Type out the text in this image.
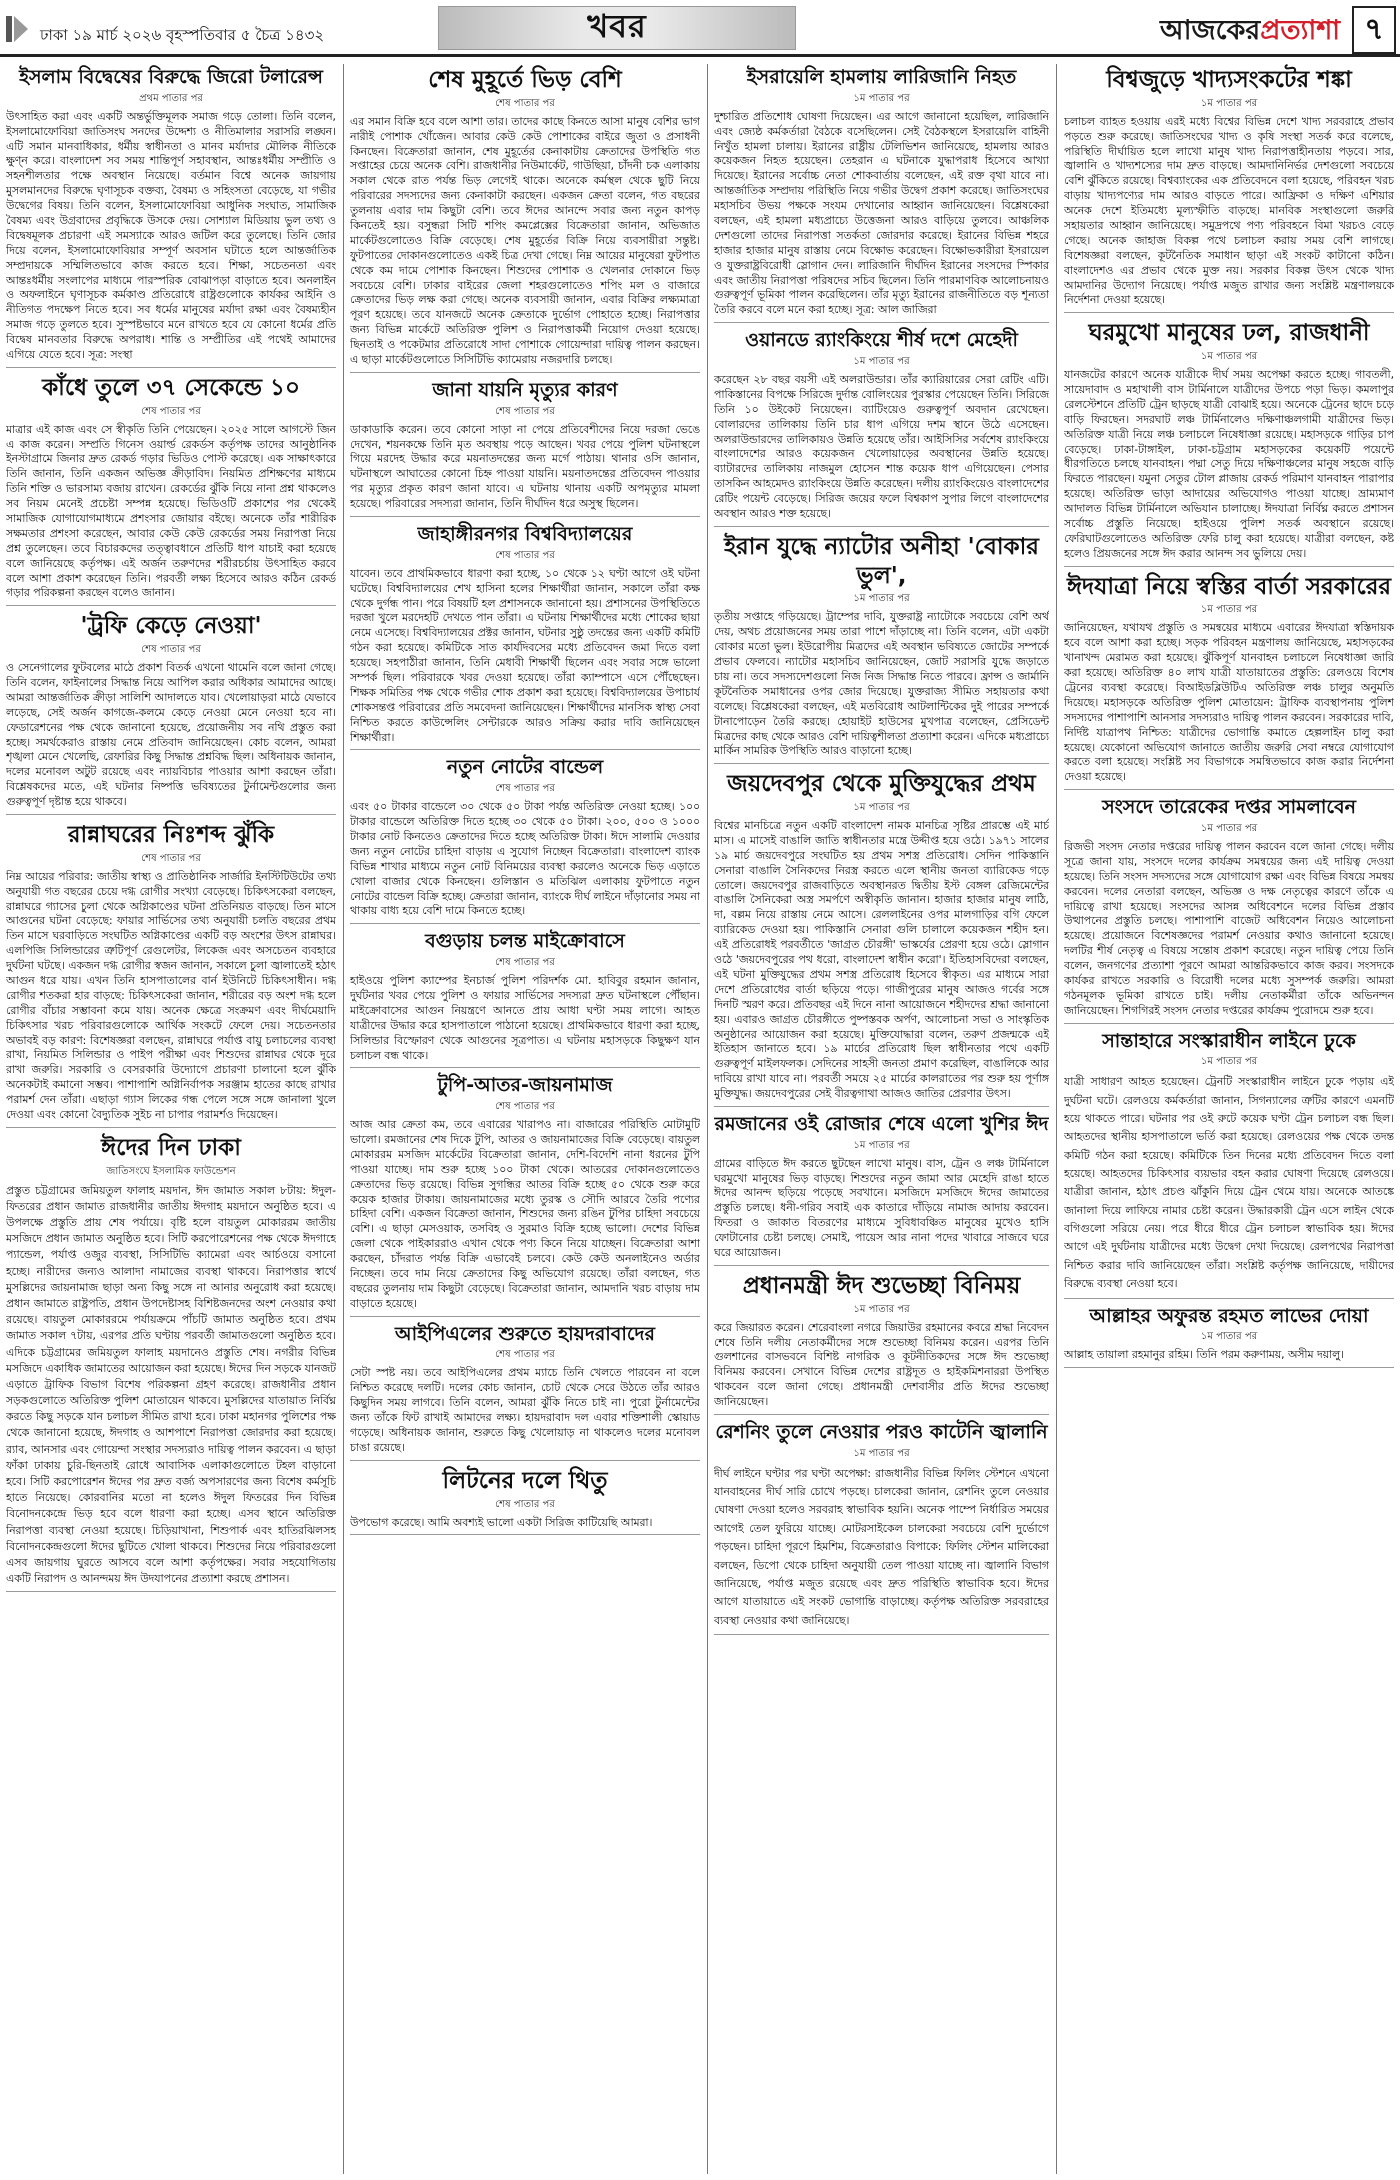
ঢাকা ১৯ মার্চ ২০২৬ বৃহস্পতিবার ৫ চৈত্র ১৪৩২	খবর	আজকেরপ্রত্যাশা ৭
ইসলাম বিদ্বেষের বিরুদ্ধে জিরো টলারেন্স
প্রথম পাতার পর

উৎসাহিত করা এবং একটি অন্তর্ভুক্তিমূলক সমাজ গড়ে তোলা। তিনি বলেন, ইসলামোফোবিয়া জাতিসংঘ সনদের উদ্দেশ্য ও নীতিমালার সরাসরি লঙ্ঘন। এটি সমান মানবাধিকার, ধর্মীয় স্বাধীনতা ও মানব মর্যাদার মৌলিক নীতিকে ক্ষুণ্ন করে। বাংলাদেশ সব সময় শান্তিপূর্ণ সহাবস্থান, আন্তঃধর্মীয় সম্প্রীতি ও সহনশীলতার পক্ষে অবস্থান নিয়েছে। বর্তমান বিশ্বে অনেক জায়গায় মুসলমানদের বিরুদ্ধে ঘৃণাসূচক বক্তব্য, বৈষম্য ও সহিংসতা বেড়েছে, যা গভীর উদ্বেগের বিষয়। তিনি বলেন, ইসলামোফোবিয়া আধুনিক সংঘাত, সামাজিক বৈষম্য এবং উগ্রবাদের প্রবৃদ্ধিকে উসকে দেয়। সোশ্যাল মিডিয়ায় ভুল তথ্য ও বিদ্বেষমূলক প্রচারণা এই সমস্যাকে আরও জটিল করে তুলেছে। তিনি জোর দিয়ে বলেন, ইসলামোফোবিয়ার সম্পূর্ণ অবসান ঘটাতে হলে আন্তর্জাতিক সম্প্রদায়কে সম্মিলিতভাবে কাজ করতে হবে। শিক্ষা, সচেতনতা এবং আন্তঃধর্মীয় সংলাপের মাধ্যমে পারস্পরিক বোঝাপড়া বাড়াতে হবে। অনলাইন ও অফলাইনে ঘৃণাসূচক কর্মকাণ্ড প্রতিরোধে রাষ্ট্রগুলোকে কার্যকর আইনি ও নীতিগত পদক্ষেপ নিতে হবে। সব ধর্মের মানুষের মর্যাদা রক্ষা এবং বৈষম্যহীন সমাজ গড়ে তুলতে হবে। সুস্পষ্টভাবে মনে রাখতে হবে যে কোনো ধর্মের প্রতি বিদ্বেষ মানবতার বিরুদ্ধে অপরাধ। শান্তি ও সম্প্রীতির এই পথেই আমাদের এগিয়ে যেতে হবে। সূত্র: সংস্থা

কাঁধে তুলে ৩৭ সেকেন্ডে ১০
শেষ পাতার পর

মাত্রার এই কাজ এবং সে স্বীকৃতি তিনি পেয়েছেন। ২০২৫ সালে আগস্টে জিন এ কাজ করেন। সম্প্রতি গিনেস ওয়ার্ল্ড রেকর্ডস কর্তৃপক্ষ তাদের আনুষ্ঠানিক ইনস্টাগ্রামে জিনার দ্রুত রেকর্ড গড়ার ভিডিও পোস্ট করেছে। এক সাক্ষাৎকারে তিনি জানান, তিনি একজন অভিজ্ঞ ক্রীড়াবিদ। নিয়মিত প্রশিক্ষণের মাধ্যমে তিনি শক্তি ও ভারসাম্য বজায় রাখেন। রেকর্ডের ঝুঁকি নিয়ে নানা প্রশ্ন থাকলেও সব নিয়ম মেনেই প্রচেষ্টা সম্পন্ন হয়েছে। ভিডিওটি প্রকাশের পর থেকেই সামাজিক যোগাযোগমাধ্যমে প্রশংসার জোয়ার বইছে। অনেকে তাঁর শারীরিক সক্ষমতার প্রশংসা করেছেন, আবার কেউ কেউ রেকর্ডের সময় নিরাপত্তা নিয়ে প্রশ্ন তুলেছেন। তবে বিচারকদের তত্ত্বাবধানে প্রতিটি ধাপ যাচাই করা হয়েছে বলে জানিয়েছে কর্তৃপক্ষ। এই অর্জন তরুণদের শরীরচর্চায় উৎসাহিত করবে বলে আশা প্রকাশ করেছেন তিনি। পরবর্তী লক্ষ্য হিসেবে আরও কঠিন রেকর্ড গড়ার পরিকল্পনা করছেন বলেও জানান।

'ট্রফি কেড়ে নেওয়া'
শেষ পাতার পর

ও সেনেগালের ফুটবলের মাঠে প্রকাশ বিতর্ক এখনো থামেনি বলে জানা গেছে। তিনি বলেন, ফাইনালের সিদ্ধান্ত নিয়ে আপিল করার অধিকার আমাদের আছে। আমরা আন্তর্জাতিক ক্রীড়া সালিশি আদালতে যাব। খেলোয়াড়রা মাঠে যেভাবে লড়েছে, সেই অর্জন কাগজে-কলমে কেড়ে নেওয়া মেনে নেওয়া হবে না। ফেডারেশনের পক্ষ থেকে জানানো হয়েছে, প্রয়োজনীয় সব নথি প্রস্তুত করা হচ্ছে। সমর্থকেরাও রাস্তায় নেমে প্রতিবাদ জানিয়েছেন। কোচ বলেন, আমরা শৃঙ্খলা মেনে খেলেছি, রেফারির কিছু সিদ্ধান্ত প্রশ্নবিদ্ধ ছিল। অধিনায়ক জানান, দলের মনোবল অটুট রয়েছে এবং ন্যায়বিচার পাওয়ার আশা করছেন তাঁরা। বিশ্লেষকদের মতে, এই ঘটনার নিষ্পত্তি ভবিষ্যতের টুর্নামেন্টগুলোর জন্য গুরুত্বপূর্ণ দৃষ্টান্ত হয়ে থাকবে।

রান্নাঘরের নিঃশব্দ ঝুঁকি
শেষ পাতার পর

নিম্ন আয়ের পরিবার: জাতীয় স্বাস্থ্য ও প্রাতিষ্ঠানিক সার্জারি ইনস্টিটিউটের তথ্য অনুযায়ী গত বছরের চেয়ে দগ্ধ রোগীর সংখ্যা বেড়েছে। চিকিৎসকেরা বলছেন, রান্নাঘরে গ্যাসের চুলা থেকে অগ্নিকাণ্ডের ঘটনা প্রতিনিয়ত বাড়ছে। তিন মাসে আগুনের ঘটনা বেড়েছে: ফায়ার সার্ভিসের তথ্য অনুযায়ী চলতি বছরের প্রথম তিন মাসে ঘরবাড়িতে সংঘটিত অগ্নিকাণ্ডের একটি বড় অংশের উৎস রান্নাঘর। এলপিজি সিলিন্ডারের ত্রুটিপূর্ণ রেগুলেটর, লিকেজ এবং অসচেতন ব্যবহারে দুর্ঘটনা ঘটছে। একজন দগ্ধ রোগীর স্বজন জানান, সকালে চুলা জ্বালাতেই হঠাৎ আগুন ধরে যায়। এখন তিনি হাসপাতালের বার্ন ইউনিটে চিকিৎসাধীন। দগ্ধ রোগীর শতকরা হার বাড়ছে: চিকিৎসকেরা জানান, শরীরের বড় অংশ দগ্ধ হলে রোগীর বাঁচার সম্ভাবনা কমে যায়। অনেক ক্ষেত্রে সংক্রমণ এবং দীর্ঘমেয়াদি চিকিৎসার খরচ পরিবারগুলোকে আর্থিক সংকটে ফেলে দেয়। সচেতনতার অভাবই বড় কারণ: বিশেষজ্ঞরা বলছেন, রান্নাঘরে পর্যাপ্ত বায়ু চলাচলের ব্যবস্থা রাখা, নিয়মিত সিলিন্ডার ও পাইপ পরীক্ষা এবং শিশুদের রান্নাঘর থেকে দূরে রাখা জরুরি। সরকারি ও বেসরকারি উদ্যোগে প্রচারণা চালানো হলে ঝুঁকি অনেকটাই কমানো সম্ভব। পাশাপাশি অগ্নিনির্বাপক সরঞ্জাম হাতের কাছে রাখার পরামর্শ দেন তাঁরা। এছাড়া গ্যাস লিকের গন্ধ পেলে সঙ্গে সঙ্গে জানালা খুলে দেওয়া এবং কোনো বৈদ্যুতিক সুইচ না চাপার পরামর্শও দিয়েছেন।

ঈদের দিন ঢাকা
জাতিসংঘে ইসলামিক ফাউন্ডেশন

প্রস্তুত চট্টগ্রামের জমিয়তুল ফালাহ ময়দান, ঈদ জামাত সকাল ৮টায়: ঈদুল-ফিতরের প্রধান জামাত রাজধানীর জাতীয় ঈদগাহ ময়দানে অনুষ্ঠিত হবে। এ উপলক্ষে প্রস্তুতি প্রায় শেষ পর্যায়ে। বৃষ্টি হলে বায়তুল মোকাররম জাতীয় মসজিদে প্রধান জামাত অনুষ্ঠিত হবে। সিটি করপোরেশনের পক্ষ থেকে ঈদগাহে প্যান্ডেল, পর্যাপ্ত ওজুর ব্যবস্থা, সিসিটিভি ক্যামেরা এবং আর্চওয়ে বসানো হচ্ছে। নারীদের জন্যও আলাদা নামাজের ব্যবস্থা থাকবে। নিরাপত্তার স্বার্থে মুসল্লিদের জায়নামাজ ছাড়া অন্য কিছু সঙ্গে না আনার অনুরোধ করা হয়েছে। প্রধান জামাতে রাষ্ট্রপতি, প্রধান উপদেষ্টাসহ বিশিষ্টজনদের অংশ নেওয়ার কথা রয়েছে। বায়তুল মোকাররমে পর্যায়ক্রমে পাঁচটি জামাত অনুষ্ঠিত হবে। প্রথম জামাত সকাল ৭টায়, এরপর প্রতি ঘণ্টায় পরবর্তী জামাতগুলো অনুষ্ঠিত হবে। এদিকে চট্টগ্রামের জমিয়তুল ফালাহ ময়দানেও প্রস্তুতি শেষ। নগরীর বিভিন্ন মসজিদে একাধিক জামাতের আয়োজন করা হয়েছে। ঈদের দিন সড়কে যানজট এড়াতে ট্রাফিক বিভাগ বিশেষ পরিকল্পনা গ্রহণ করেছে। রাজধানীর প্রধান সড়কগুলোতে অতিরিক্ত পুলিশ মোতায়েন থাকবে। মুসল্লিদের যাতায়াত নির্বিঘ্ন করতে কিছু সড়কে যান চলাচল সীমিত রাখা হবে। ঢাকা মহানগর পুলিশের পক্ষ থেকে জানানো হয়েছে, ঈদগাহ ও আশপাশে নিরাপত্তা জোরদার করা হয়েছে। র‍্যাব, আনসার এবং গোয়েন্দা সংস্থার সদস্যরাও দায়িত্ব পালন করবেন। এ ছাড়া ফাঁকা ঢাকায় চুরি-ছিনতাই রোধে আবাসিক এলাকাগুলোতে টহল বাড়ানো হবে। সিটি করপোরেশন ঈদের পর দ্রুত বর্জ্য অপসারণের জন্য বিশেষ কর্মসূচি হাতে নিয়েছে। কোরবানির মতো না হলেও ঈদুল ফিতরের দিন বিভিন্ন বিনোদনকেন্দ্রে ভিড় হবে বলে ধারণা করা হচ্ছে। এসব স্থানে অতিরিক্ত নিরাপত্তা ব্যবস্থা নেওয়া হয়েছে। চিড়িয়াখানা, শিশুপার্ক এবং হাতিরঝিলসহ বিনোদনকেন্দ্রগুলো ঈদের ছুটিতে খোলা থাকবে। শিশুদের নিয়ে পরিবারগুলো এসব জায়গায় ঘুরতে আসবে বলে আশা কর্তৃপক্ষের। সবার সহযোগিতায় একটি নিরাপদ ও আনন্দময় ঈদ উদযাপনের প্রত্যাশা করছে প্রশাসন।

শেষ মুহূর্তে ভিড় বেশি
শেষ পাতার পর

এর সমান বিক্রি হবে বলে আশা তার। তাদের কাছে কিনতে আসা মানুষ বেশির ভাগ নারীই পোশাক খোঁজেন। আবার কেউ কেউ পোশাকের বাইরে জুতা ও প্রসাধনী কিনছেন। বিক্রেতারা জানান, শেষ মুহূর্তের কেনাকাটায় ক্রেতাদের উপস্থিতি গত সপ্তাহের চেয়ে অনেক বেশি। রাজধানীর নিউমার্কেট, গাউছিয়া, চাঁদনী চক এলাকায় সকাল থেকে রাত পর্যন্ত ভিড় লেগেই থাকে। অনেকে কর্মস্থল থেকে ছুটি নিয়ে পরিবারের সদস্যদের জন্য কেনাকাটা করছেন। একজন ক্রেতা বলেন, গত বছরের তুলনায় এবার দাম কিছুটা বেশি। তবে ঈদের আনন্দে সবার জন্য নতুন কাপড় কিনতেই হয়। বসুন্ধরা সিটি শপিং কমপ্লেক্সের বিক্রেতারা জানান, অভিজাত মার্কেটগুলোতেও বিক্রি বেড়েছে। শেষ মুহূর্তের বিক্রি নিয়ে ব্যবসায়ীরা সন্তুষ্ট। ফুটপাতের দোকানগুলোতেও একই চিত্র দেখা গেছে। নিম্ন আয়ের মানুষেরা ফুটপাত থেকে কম দামে পোশাক কিনছেন। শিশুদের পোশাক ও খেলনার দোকানে ভিড় সবচেয়ে বেশি। ঢাকার বাইরের জেলা শহরগুলোতেও শপিং মল ও বাজারে ক্রেতাদের ভিড় লক্ষ করা গেছে। অনেক ব্যবসায়ী জানান, এবার বিক্রির লক্ষ্যমাত্রা পূরণ হয়েছে। তবে যানজটে অনেক ক্রেতাকে দুর্ভোগ পোহাতে হচ্ছে। নিরাপত্তার জন্য বিভিন্ন মার্কেটে অতিরিক্ত পুলিশ ও নিরাপত্তাকর্মী নিয়োগ দেওয়া হয়েছে। ছিনতাই ও পকেটমার প্রতিরোধে সাদা পোশাকে গোয়েন্দারা দায়িত্ব পালন করছেন। এ ছাড়া মার্কেটগুলোতে সিসিটিভি ক্যামেরায় নজরদারি চলছে।

জানা যায়নি মৃত্যুর কারণ
শেষ পাতার পর

ডাকাডাকি করেন। তবে কোনো সাড়া না পেয়ে প্রতিবেশীদের নিয়ে দরজা ভেঙে দেখেন, শয়নকক্ষে তিনি মৃত অবস্থায় পড়ে আছেন। খবর পেয়ে পুলিশ ঘটনাস্থলে গিয়ে মরদেহ উদ্ধার করে ময়নাতদন্তের জন্য মর্গে পাঠায়। থানার ওসি জানান, ঘটনাস্থলে আঘাতের কোনো চিহ্ন পাওয়া যায়নি। ময়নাতদন্তের প্রতিবেদন পাওয়ার পর মৃত্যুর প্রকৃত কারণ জানা যাবে। এ ঘটনায় থানায় একটি অপমৃত্যুর মামলা হয়েছে। পরিবারের সদস্যরা জানান, তিনি দীর্ঘদিন ধরে অসুস্থ ছিলেন।

জাহাঙ্গীরনগর বিশ্ববিদ্যালয়ের
শেষ পাতার পর

যাবেন। তবে প্রাথমিকভাবে ধারণা করা হচ্ছে, ১০ থেকে ১২ ঘণ্টা আগে ওই ঘটনা ঘটেছে। বিশ্ববিদ্যালয়ের শেখ হাসিনা হলের শিক্ষার্থীরা জানান, সকালে তাঁরা কক্ষ থেকে দুর্গন্ধ পান। পরে বিষয়টি হল প্রশাসনকে জানানো হয়। প্রশাসনের উপস্থিতিতে দরজা খুলে মরদেহটি দেখতে পান তাঁরা। এ ঘটনায় শিক্ষার্থীদের মধ্যে শোকের ছায়া নেমে এসেছে। বিশ্ববিদ্যালয়ের প্রক্টর জানান, ঘটনার সুষ্ঠু তদন্তের জন্য একটি কমিটি গঠন করা হয়েছে। কমিটিকে সাত কার্যদিবসের মধ্যে প্রতিবেদন জমা দিতে বলা হয়েছে। সহপাঠীরা জানান, তিনি মেধাবী শিক্ষার্থী ছিলেন এবং সবার সঙ্গে ভালো সম্পর্ক ছিল। পরিবারকে খবর দেওয়া হয়েছে। তাঁরা ক্যাম্পাসে এসে পৌঁছেছেন। শিক্ষক সমিতির পক্ষ থেকে গভীর শোক প্রকাশ করা হয়েছে। বিশ্ববিদ্যালয়ের উপাচার্য শোকসন্তপ্ত পরিবারের প্রতি সমবেদনা জানিয়েছেন। শিক্ষার্থীদের মানসিক স্বাস্থ্য সেবা নিশ্চিত করতে কাউন্সেলিং সেন্টারকে আরও সক্রিয় করার দাবি জানিয়েছেন শিক্ষার্থীরা।

নতুন নোটের বান্ডেল
শেষ পাতার পর

এবং ৫০ টাকার বান্ডেলে ৩০ থেকে ৫০ টাকা পর্যন্ত অতিরিক্ত নেওয়া হচ্ছে। ১০০ টাকার বান্ডেলে অতিরিক্ত দিতে হচ্ছে ৩০ থেকে ৫০ টাকা। ২০০, ৫০০ ও ১০০০ টাকার নোট কিনতেও ক্রেতাদের দিতে হচ্ছে অতিরিক্ত টাকা। ঈদে সালামি দেওয়ার জন্য নতুন নোটের চাহিদা বাড়ায় এ সুযোগ নিচ্ছেন বিক্রেতারা। বাংলাদেশ ব্যাংক বিভিন্ন শাখার মাধ্যমে নতুন নোট বিনিময়ের ব্যবস্থা করলেও অনেকে ভিড় এড়াতে খোলা বাজার থেকে কিনছেন। গুলিস্তান ও মতিঝিল এলাকায় ফুটপাতে নতুন নোটের বান্ডেল বিক্রি হচ্ছে। ক্রেতারা জানান, ব্যাংকে দীর্ঘ লাইনে দাঁড়ানোর সময় না থাকায় বাধ্য হয়ে বেশি দামে কিনতে হচ্ছে।

বগুড়ায় চলন্ত মাইক্রোবাসে
শেষ পাতার পর

হাইওয়ে পুলিশ ক্যাম্পের ইনচার্জ পুলিশ পরিদর্শক মো. হাবিবুর রহমান জানান, দুর্ঘটনার খবর পেয়ে পুলিশ ও ফায়ার সার্ভিসের সদস্যরা দ্রুত ঘটনাস্থলে পৌঁছান। মাইক্রোবাসের আগুন নিয়ন্ত্রণে আনতে প্রায় আধা ঘণ্টা সময় লাগে। আহত যাত্রীদের উদ্ধার করে হাসপাতালে পাঠানো হয়েছে। প্রাথমিকভাবে ধারণা করা হচ্ছে, সিলিন্ডার বিস্ফোরণ থেকে আগুনের সূত্রপাত। এ ঘটনায় মহাসড়কে কিছুক্ষণ যান চলাচল বন্ধ থাকে।

টুপি-আতর-জায়নামাজ
শেষ পাতার পর

আজ আর ক্রেতা কম, তবে এবারের খারাপও না। বাজারের পরিস্থিতি মোটামুটি ভালো। রমজানের শেষ দিকে টুপি, আতর ও জায়নামাজের বিক্রি বেড়েছে। বায়তুল মোকাররম মসজিদ মার্কেটের বিক্রেতারা জানান, দেশি-বিদেশি নানা ধরনের টুপি পাওয়া যাচ্ছে। দাম শুরু হচ্ছে ১০০ টাকা থেকে। আতরের দোকানগুলোতেও ক্রেতাদের ভিড় রয়েছে। বিভিন্ন সুগন্ধির আতর বিক্রি হচ্ছে ৫০ থেকে শুরু করে কয়েক হাজার টাকায়। জায়নামাজের মধ্যে তুরস্ক ও সৌদি আরবে তৈরি পণ্যের চাহিদা বেশি। একজন বিক্রেতা জানান, শিশুদের জন্য রঙিন টুপির চাহিদা সবচেয়ে বেশি। এ ছাড়া মেসওয়াক, তসবিহ ও সুরমাও বিক্রি হচ্ছে ভালো। দেশের বিভিন্ন জেলা থেকে পাইকাররাও এখান থেকে পণ্য কিনে নিয়ে যাচ্ছেন। বিক্রেতারা আশা করছেন, চাঁদরাত পর্যন্ত বিক্রি এভাবেই চলবে। কেউ কেউ অনলাইনেও অর্ডার নিচ্ছেন। তবে দাম নিয়ে ক্রেতাদের কিছু অভিযোগ রয়েছে। তাঁরা বলছেন, গত বছরের তুলনায় দাম কিছুটা বেড়েছে। বিক্রেতারা জানান, আমদানি খরচ বাড়ায় দাম বাড়াতে হয়েছে।

আইপিএলের শুরুতে হায়দরাবাদের
শেষ পাতার পর

সেটা স্পষ্ট নয়। তবে আইপিএলের প্রথম ম্যাচে তিনি খেলতে পারবেন না বলে নিশ্চিত করেছে দলটি। দলের কোচ জানান, চোট থেকে সেরে উঠতে তাঁর আরও কিছুদিন সময় লাগবে। তিনি বলেন, আমরা ঝুঁকি নিতে চাই না। পুরো টুর্নামেন্টের জন্য তাঁকে ফিট রাখাই আমাদের লক্ষ্য। হায়দরাবাদ দল এবার শক্তিশালী স্কোয়াড গড়েছে। অধিনায়ক জানান, শুরুতে কিছু খেলোয়াড় না থাকলেও দলের মনোবল চাঙা রয়েছে।

লিটনের দলে থিতু
শেষ পাতার পর

উপভোগ করেছে। আমি অবশ্যই ভালো একটা সিরিজ কাটিয়েছি আমরা।

ইসরায়েলি হামলায় লারিজানি নিহত
১ম পাতার পর

দুশ্চারিত প্রতিশোধ ঘোষণা দিয়েছেন। এর আগে জানানো হয়েছিল, লারিজানি এবং জ্যেষ্ঠ কর্মকর্তারা বৈঠকে বসেছিলেন। সেই বৈঠকস্থলে ইসরায়েলি বাহিনী নিখুঁত হামলা চালায়। ইরানের রাষ্ট্রীয় টেলিভিশন জানিয়েছে, হামলায় আরও কয়েকজন নিহত হয়েছেন। তেহরান এ ঘটনাকে যুদ্ধাপরাধ হিসেবে আখ্যা দিয়েছে। ইরানের সর্বোচ্চ নেতা শোকবার্তায় বলেছেন, এই রক্ত বৃথা যাবে না। আন্তর্জাতিক সম্প্রদায় পরিস্থিতি নিয়ে গভীর উদ্বেগ প্রকাশ করেছে। জাতিসংঘের মহাসচিব উভয় পক্ষকে সংযম দেখানোর আহ্বান জানিয়েছেন। বিশ্লেষকেরা বলছেন, এই হামলা মধ্যপ্রাচ্যে উত্তেজনা আরও বাড়িয়ে তুলবে। আঞ্চলিক দেশগুলো তাদের নিরাপত্তা সতর্কতা জোরদার করেছে। ইরানের বিভিন্ন শহরে হাজার হাজার মানুষ রাস্তায় নেমে বিক্ষোভ করেছেন। বিক্ষোভকারীরা ইসরায়েল ও যুক্তরাষ্ট্রবিরোধী স্লোগান দেন। লারিজানি দীর্ঘদিন ইরানের সংসদের স্পিকার এবং জাতীয় নিরাপত্তা পরিষদের সচিব ছিলেন। তিনি পারমাণবিক আলোচনায়ও গুরুত্বপূর্ণ ভূমিকা পালন করেছিলেন। তাঁর মৃত্যু ইরানের রাজনীতিতে বড় শূন্যতা তৈরি করবে বলে মনে করা হচ্ছে। সূত্র: আল জাজিরা

ওয়ানডে র‍্যাংকিংয়ে শীর্ষ দশে মেহেদী
১ম পাতার পর

করেছেন ২৮ বছর বয়সী এই অলরাউন্ডার। তাঁর ক্যারিয়ারের সেরা রেটিং এটি। পাকিস্তানের বিপক্ষে সিরিজে দুর্দান্ত বোলিংয়ের পুরস্কার পেয়েছেন তিনি। সিরিজে তিনি ১০ উইকেট নিয়েছেন। ব্যাটিংয়েও গুরুত্বপূর্ণ অবদান রেখেছেন। বোলারদের তালিকায় তিনি চার ধাপ এগিয়ে দশম স্থানে উঠে এসেছেন। অলরাউন্ডারদের তালিকায়ও উন্নতি হয়েছে তাঁর। আইসিসির সর্বশেষ র‍্যাংকিংয়ে বাংলাদেশের আরও কয়েকজন খেলোয়াড়ের অবস্থানের উন্নতি হয়েছে। ব্যাটারদের তালিকায় নাজমুল হোসেন শান্ত কয়েক ধাপ এগিয়েছেন। পেসার তাসকিন আহমেদও র‍্যাংকিংয়ে উন্নতি করেছেন। দলীয় র‍্যাংকিংয়েও বাংলাদেশের রেটিং পয়েন্ট বেড়েছে। সিরিজ জয়ের ফলে বিশ্বকাপ সুপার লিগে বাংলাদেশের অবস্থান আরও শক্ত হয়েছে।

ইরান যুদ্ধে ন্যাটোর অনীহা 'বোকার ভুল',
১ম পাতার পর

তৃতীয় সপ্তাহে গড়িয়েছে। ট্রাম্পের দাবি, যুক্তরাষ্ট্র ন্যাটোকে সবচেয়ে বেশি অর্থ দেয়, অথচ প্রয়োজনের সময় তারা পাশে দাঁড়াচ্ছে না। তিনি বলেন, এটা একটা বোকার মতো ভুল। ইউরোপীয় মিত্রদের এই অবস্থান ভবিষ্যতে জোটের সম্পর্কে প্রভাব ফেলবে। ন্যাটোর মহাসচিব জানিয়েছেন, জোট সরাসরি যুদ্ধে জড়াতে চায় না। তবে সদস্যদেশগুলো নিজ নিজ সিদ্ধান্ত নিতে পারবে। ফ্রান্স ও জার্মানি কূটনৈতিক সমাধানের ওপর জোর দিয়েছে। যুক্তরাজ্য সীমিত সহায়তার কথা বলেছে। বিশ্লেষকেরা বলছেন, এই মতবিরোধ আটলান্টিকের দুই পারের সম্পর্কে টানাপোড়েন তৈরি করছে। হোয়াইট হাউসের মুখপাত্র বলেছেন, প্রেসিডেন্ট মিত্রদের কাছ থেকে আরও বেশি দায়িত্বশীলতা প্রত্যাশা করেন। এদিকে মধ্যপ্রাচ্যে মার্কিন সামরিক উপস্থিতি আরও বাড়ানো হচ্ছে।

জয়দেবপুর থেকে মুক্তিযুদ্ধের প্রথম
১ম পাতার পর

বিশ্বের মানচিত্রে নতুন একটি বাংলাদেশ নামক মানচিত্র সৃষ্টির প্রারম্ভে এই মার্চ মাস। এ মাসেই বাঙালি জাতি স্বাধীনতার মন্ত্রে উদ্দীপ্ত হয়ে ওঠে। ১৯৭১ সালের ১৯ মার্চ জয়দেবপুরে সংঘটিত হয় প্রথম সশস্ত্র প্রতিরোধ। সেদিন পাকিস্তানি সেনারা বাঙালি সৈনিকদের নিরস্ত্র করতে এলে স্থানীয় জনতা ব্যারিকেড গড়ে তোলে। জয়দেবপুর রাজবাড়িতে অবস্থানরত দ্বিতীয় ইস্ট বেঙ্গল রেজিমেন্টের বাঙালি সৈনিকেরা অস্ত্র সমর্পণে অস্বীকৃতি জানান। হাজার হাজার মানুষ লাঠি, দা, বল্লম নিয়ে রাস্তায় নেমে আসে। রেললাইনের ওপর মালগাড়ির বগি ফেলে ব্যারিকেড দেওয়া হয়। পাকিস্তানি সেনারা গুলি চালালে কয়েকজন শহীদ হন। এই প্রতিরোধই পরবর্তীতে 'জাগ্রত চৌরঙ্গী' ভাস্কর্যের প্রেরণা হয়ে ওঠে। স্লোগান ওঠে 'জয়দেবপুরের পথ ধরো, বাংলাদেশ স্বাধীন করো'। ইতিহাসবিদেরা বলছেন, এই ঘটনা মুক্তিযুদ্ধের প্রথম সশস্ত্র প্রতিরোধ হিসেবে স্বীকৃত। এর মাধ্যমে সারা দেশে প্রতিরোধের বার্তা ছড়িয়ে পড়ে। গাজীপুরের মানুষ আজও গর্বের সঙ্গে দিনটি স্মরণ করে। প্রতিবছর এই দিনে নানা আয়োজনে শহীদদের শ্রদ্ধা জানানো হয়। এবারও জাগ্রত চৌরঙ্গীতে পুষ্পস্তবক অর্পণ, আলোচনা সভা ও সাংস্কৃতিক অনুষ্ঠানের আয়োজন করা হয়েছে। মুক্তিযোদ্ধারা বলেন, তরুণ প্রজন্মকে এই ইতিহাস জানাতে হবে। ১৯ মার্চের প্রতিরোধ ছিল স্বাধীনতার পথে একটি গুরুত্বপূর্ণ মাইলফলক। সেদিনের সাহসী জনতা প্রমাণ করেছিল, বাঙালিকে আর দাবিয়ে রাখা যাবে না। পরবর্তী সময়ে ২৫ মার্চের কালরাতের পর শুরু হয় পূর্ণাঙ্গ মুক্তিযুদ্ধ। জয়দেবপুরের সেই বীরত্বগাথা আজও জাতির প্রেরণার উৎস।

রমজানের ওই রোজার শেষে এলো খুশির ঈদ
১ম পাতার পর

গ্রামের বাড়িতে ঈদ করতে ছুটছেন লাখো মানুষ। বাস, ট্রেন ও লঞ্চ টার্মিনালে ঘরমুখো মানুষের ভিড় বাড়ছে। শিশুদের নতুন জামা আর মেহেদি রাঙা হাতে ঈদের আনন্দ ছড়িয়ে পড়েছে সবখানে। মসজিদে মসজিদে ঈদের জামাতের প্রস্তুতি চলছে। ধনী-গরিব সবাই এক কাতারে দাঁড়িয়ে নামাজ আদায় করবেন। ফিতরা ও জাকাত বিতরণের মাধ্যমে সুবিধাবঞ্চিত মানুষের মুখেও হাসি ফোটানোর চেষ্টা চলছে। সেমাই, পায়েস আর নানা পদের খাবারে সাজবে ঘরে ঘরে আয়োজন।

প্রধানমন্ত্রী ঈদ শুভেচ্ছা বিনিময়
১ম পাতার পর

করে জিয়ারত করেন। শেরেবাংলা নগরে জিয়াউর রহমানের কবরে শ্রদ্ধা নিবেদন শেষে তিনি দলীয় নেতাকর্মীদের সঙ্গে শুভেচ্ছা বিনিময় করেন। এরপর তিনি গুলশানের বাসভবনে বিশিষ্ট নাগরিক ও কূটনীতিকদের সঙ্গে ঈদ শুভেচ্ছা বিনিময় করবেন। সেখানে বিভিন্ন দেশের রাষ্ট্রদূত ও হাইকমিশনাররা উপস্থিত থাকবেন বলে জানা গেছে। প্রধানমন্ত্রী দেশবাসীর প্রতি ঈদের শুভেচ্ছা জানিয়েছেন।

রেশনিং তুলে নেওয়ার পরও কাটেনি জ্বালানি
১ম পাতার পর

দীর্ঘ লাইনে ঘণ্টার পর ঘণ্টা অপেক্ষা: রাজধানীর বিভিন্ন ফিলিং স্টেশনে এখনো যানবাহনের দীর্ঘ সারি চোখে পড়ছে। চালকেরা জানান, রেশনিং তুলে নেওয়ার ঘোষণা দেওয়া হলেও সরবরাহ স্বাভাবিক হয়নি। অনেক পাম্পে নির্ধারিত সময়ের আগেই তেল ফুরিয়ে যাচ্ছে। মোটরসাইকেল চালকেরা সবচেয়ে বেশি দুর্ভোগে পড়ছেন। চাহিদা পূরণে হিমশিম, বিক্রেতারাও বিপাকে: ফিলিং স্টেশন মালিকেরা বলছেন, ডিপো থেকে চাহিদা অনুযায়ী তেল পাওয়া যাচ্ছে না। জ্বালানি বিভাগ জানিয়েছে, পর্যাপ্ত মজুত রয়েছে এবং দ্রুত পরিস্থিতি স্বাভাবিক হবে। ঈদের আগে যাতায়াতে এই সংকট ভোগান্তি বাড়াচ্ছে। কর্তৃপক্ষ অতিরিক্ত সরবরাহের ব্যবস্থা নেওয়ার কথা জানিয়েছে।

বিশ্বজুড়ে খাদ্যসংকটের শঙ্কা
১ম পাতার পর

চলাচল ব্যাহত হওয়ায় এরই মধ্যে বিশ্বের বিভিন্ন দেশে খাদ্য সরবরাহে প্রভাব পড়তে শুরু করেছে। জাতিসংঘের খাদ্য ও কৃষি সংস্থা সতর্ক করে বলেছে, পরিস্থিতি দীর্ঘায়িত হলে লাখো মানুষ খাদ্য নিরাপত্তাহীনতায় পড়বে। সার, জ্বালানি ও খাদ্যশস্যের দাম দ্রুত বাড়ছে। আমদানিনির্ভর দেশগুলো সবচেয়ে বেশি ঝুঁকিতে রয়েছে। বিশ্বব্যাংকের এক প্রতিবেদনে বলা হয়েছে, পরিবহন খরচ বাড়ায় খাদ্যপণ্যের দাম আরও বাড়তে পারে। আফ্রিকা ও দক্ষিণ এশিয়ার অনেক দেশে ইতিমধ্যে মূল্যস্ফীতি বাড়ছে। মানবিক সংস্থাগুলো জরুরি সহায়তার আহ্বান জানিয়েছে। সমুদ্রপথে পণ্য পরিবহনে বিমা খরচও বেড়ে গেছে। অনেক জাহাজ বিকল্প পথে চলাচল করায় সময় বেশি লাগছে। বিশেষজ্ঞরা বলছেন, কূটনৈতিক সমাধান ছাড়া এই সংকট কাটানো কঠিন। বাংলাদেশও এর প্রভাব থেকে মুক্ত নয়। সরকার বিকল্প উৎস থেকে খাদ্য আমদানির উদ্যোগ নিয়েছে। পর্যাপ্ত মজুত রাখার জন্য সংশ্লিষ্ট মন্ত্রণালয়কে নির্দেশনা দেওয়া হয়েছে।

ঘরমুখো মানুষের ঢল, রাজধানী
১ম পাতার পর

যানজটের কারণে অনেক যাত্রীকে দীর্ঘ সময় অপেক্ষা করতে হচ্ছে। গাবতলী, সায়েদাবাদ ও মহাখালী বাস টার্মিনালে যাত্রীদের উপচে পড়া ভিড়। কমলাপুর রেলস্টেশনে প্রতিটি ট্রেন ছাড়ছে যাত্রী বোঝাই হয়ে। অনেকে ট্রেনের ছাদে চড়ে বাড়ি ফিরছেন। সদরঘাট লঞ্চ টার্মিনালেও দক্ষিণাঞ্চলগামী যাত্রীদের ভিড়। অতিরিক্ত যাত্রী নিয়ে লঞ্চ চলাচলে নিষেধাজ্ঞা রয়েছে। মহাসড়কে গাড়ির চাপ বেড়েছে। ঢাকা-টাঙ্গাইল, ঢাকা-চট্টগ্রাম মহাসড়কের কয়েকটি পয়েন্টে ধীরগতিতে চলছে যানবাহন। পদ্মা সেতু দিয়ে দক্ষিণাঞ্চলের মানুষ সহজে বাড়ি ফিরতে পারছেন। যমুনা সেতুর টোল প্লাজায় রেকর্ড পরিমাণ যানবাহন পারাপার হয়েছে। অতিরিক্ত ভাড়া আদায়ের অভিযোগও পাওয়া যাচ্ছে। ভ্রাম্যমাণ আদালত বিভিন্ন টার্মিনালে অভিযান চালাচ্ছে। ঈদযাত্রা নির্বিঘ্ন করতে প্রশাসন সর্বোচ্চ প্রস্তুতি নিয়েছে। হাইওয়ে পুলিশ সতর্ক অবস্থানে রয়েছে। ফেরিঘাটগুলোতেও অতিরিক্ত ফেরি চালু করা হয়েছে। যাত্রীরা বলছেন, কষ্ট হলেও প্রিয়জনের সঙ্গে ঈদ করার আনন্দ সব ভুলিয়ে দেয়।

ঈদযাত্রা নিয়ে স্বস্তির বার্তা সরকারের
১ম পাতার পর

জানিয়েছেন, যথাযথ প্রস্তুতি ও সমন্বয়ের মাধ্যমে এবারের ঈদযাত্রা স্বস্তিদায়ক হবে বলে আশা করা হচ্ছে। সড়ক পরিবহন মন্ত্রণালয় জানিয়েছে, মহাসড়কের খানাখন্দ মেরামত করা হয়েছে। ঝুঁকিপূর্ণ যানবাহন চলাচলে নিষেধাজ্ঞা জারি করা হয়েছে। অতিরিক্ত ৪০ লাখ যাত্রী যাতায়াতের প্রস্তুতি: রেলওয়ে বিশেষ ট্রেনের ব্যবস্থা করেছে। বিআইডব্লিউটিএ অতিরিক্ত লঞ্চ চালুর অনুমতি দিয়েছে। মহাসড়কে অতিরিক্ত পুলিশ মোতায়েন: ট্রাফিক ব্যবস্থাপনায় পুলিশ সদস্যদের পাশাপাশি আনসার সদস্যরাও দায়িত্ব পালন করবেন। সরকারের দাবি, নির্দিষ্ট যাত্রাপথ নিশ্চিত: যাত্রীদের ভোগান্তি কমাতে হেল্পলাইন চালু করা হয়েছে। যেকোনো অভিযোগ জানাতে জাতীয় জরুরি সেবা নম্বরে যোগাযোগ করতে বলা হয়েছে। সংশ্লিষ্ট সব বিভাগকে সমন্বিতভাবে কাজ করার নির্দেশনা দেওয়া হয়েছে।

সংসদে তারেকের দপ্তর সামলাবেন
১ম পাতার পর

রিজভী সংসদ নেতার দপ্তরের দায়িত্ব পালন করবেন বলে জানা গেছে। দলীয় সূত্রে জানা যায়, সংসদে দলের কার্যক্রম সমন্বয়ের জন্য এই দায়িত্ব দেওয়া হয়েছে। তিনি সংসদ সদস্যদের সঙ্গে যোগাযোগ রক্ষা এবং বিভিন্ন বিষয়ে সমন্বয় করবেন। দলের নেতারা বলছেন, অভিজ্ঞ ও দক্ষ নেতৃত্বের কারণে তাঁকে এ দায়িত্বে রাখা হয়েছে। সংসদের আসন্ন অধিবেশনে দলের বিভিন্ন প্রস্তাব উত্থাপনের প্রস্তুতি চলছে। পাশাপাশি বাজেট অধিবেশন নিয়েও আলোচনা হয়েছে। প্রয়োজনে বিশেষজ্ঞদের পরামর্শ নেওয়ার কথাও জানানো হয়েছে। দলটির শীর্ষ নেতৃত্ব এ বিষয়ে সন্তোষ প্রকাশ করেছে। নতুন দায়িত্ব পেয়ে তিনি বলেন, জনগণের প্রত্যাশা পূরণে আমরা আন্তরিকভাবে কাজ করব। সংসদকে কার্যকর রাখতে সরকারি ও বিরোধী দলের মধ্যে সুসম্পর্ক জরুরি। আমরা গঠনমূলক ভূমিকা রাখতে চাই। দলীয় নেতাকর্মীরা তাঁকে অভিনন্দন জানিয়েছেন। শিগগিরই সংসদ নেতার দপ্তরের কার্যক্রম পুরোদমে শুরু হবে।

সান্তাহারে সংস্কারাধীন লাইনে ঢুকে
১ম পাতার পর

যাত্রী সাধারণ আহত হয়েছেন। ট্রেনটি সংস্কারাধীন লাইনে ঢুকে পড়ায় এই দুর্ঘটনা ঘটে। রেলওয়ে কর্মকর্তারা জানান, সিগন্যালের ত্রুটির কারণে এমনটি হয়ে থাকতে পারে। ঘটনার পর ওই রুটে কয়েক ঘণ্টা ট্রেন চলাচল বন্ধ ছিল। আহতদের স্থানীয় হাসপাতালে ভর্তি করা হয়েছে। রেলওয়ের পক্ষ থেকে তদন্ত কমিটি গঠন করা হয়েছে। কমিটিকে তিন দিনের মধ্যে প্রতিবেদন দিতে বলা হয়েছে। আহতদের চিকিৎসার ব্যয়ভার বহন করার ঘোষণা দিয়েছে রেলওয়ে। যাত্রীরা জানান, হঠাৎ প্রচণ্ড ঝাঁকুনি দিয়ে ট্রেন থেমে যায়। অনেকে আতঙ্কে জানালা দিয়ে লাফিয়ে নামার চেষ্টা করেন। উদ্ধারকারী ট্রেন এসে লাইন থেকে বগিগুলো সরিয়ে নেয়। পরে ধীরে ধীরে ট্রেন চলাচল স্বাভাবিক হয়। ঈদের আগে এই দুর্ঘটনায় যাত্রীদের মধ্যে উদ্বেগ দেখা দিয়েছে। রেলপথের নিরাপত্তা নিশ্চিত করার দাবি জানিয়েছেন তাঁরা। সংশ্লিষ্ট কর্তৃপক্ষ জানিয়েছে, দায়ীদের বিরুদ্ধে ব্যবস্থা নেওয়া হবে।

আল্লাহর অফুরন্ত রহমত লাভের দোয়া
১ম পাতার পর

আল্লাহ তায়ালা রহমানুর রহিম। তিনি পরম করুণাময়, অসীম দয়ালু।
